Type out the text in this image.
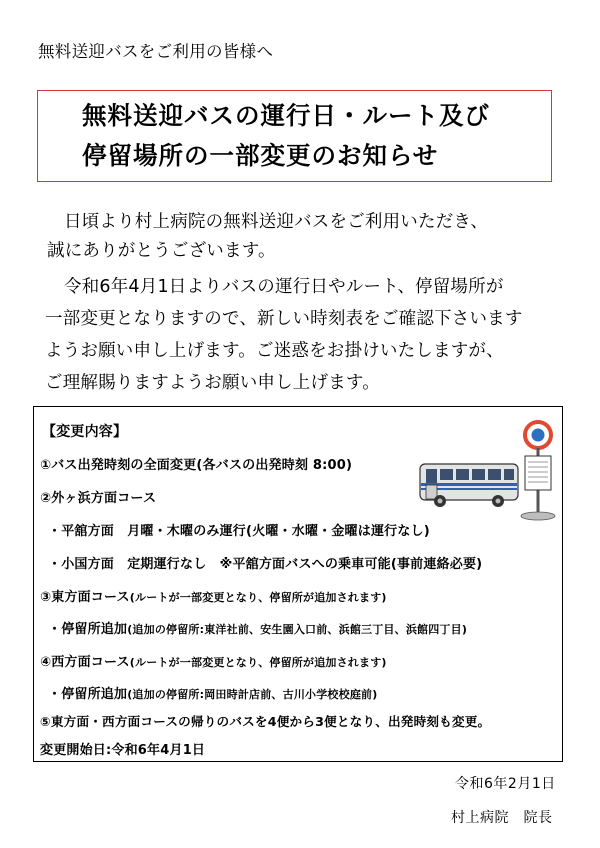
無料送迎バスをご利用の皆様へ
無料送迎バスの運行日・ルート及び
停留場所の一部変更のお知らせ
日頃より村上病院の無料送迎バスをご利用いただき、
誠にありがとうございます。
令和6年4月1日よりバスの運行日やルート、停留場所が
一部変更となりますので、新しい時刻表をご確認下さいます
ようお願い申し上げます。ご迷惑をお掛けいたしますが、
ご理解賜りますようお願い申し上げます。
【変更内容】
①バス出発時刻の全面変更(各バスの出発時刻 8:00)
②外ヶ浜方面コース
・平舘方面　月曜・木曜のみ運行(火曜・水曜・金曜は運行なし)
・小国方面　定期運行なし　※平舘方面バスへの乗車可能(事前連絡必要)
③東方面コース(ルートが一部変更となり、停留所が追加されます)
・停留所追加(追加の停留所:東洋社前、安生園入口前、浜館三丁目、浜館四丁目)
④西方面コース(ルートが一部変更となり、停留所が追加されます)
・停留所追加(追加の停留所:岡田時計店前、古川小学校校庭前)
⑤東方面・西方面コースの帰りのバスを4便から3便となり、出発時刻も変更。
変更開始日:令和6年4月1日
令和6年2月1日
村上病院　院長
